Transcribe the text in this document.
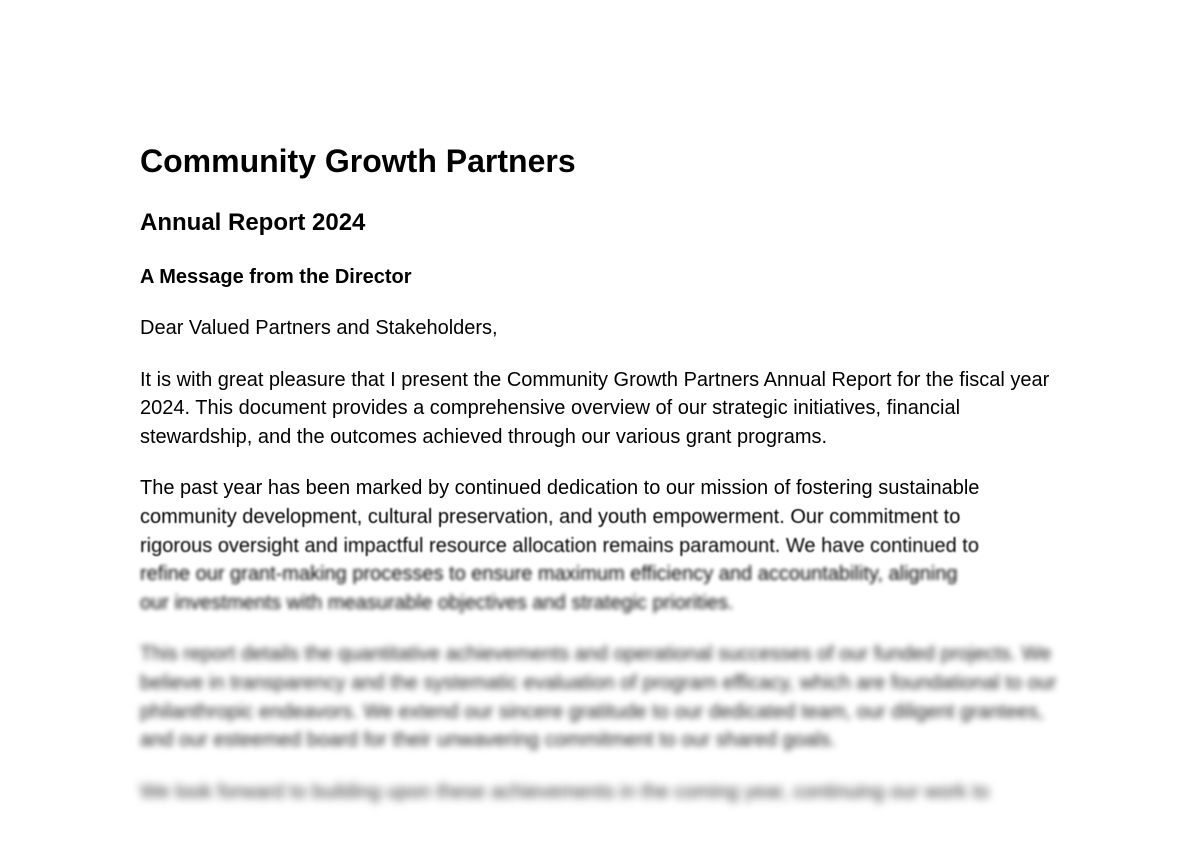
Community Growth Partners
Annual Report 2024
A Message from the Director

Dear Valued Partners and Stakeholders,

It is with great pleasure that I present the Community Growth Partners Annual Report for the fiscal year 2024. This document provides a comprehensive overview of our strategic initiatives, financial stewardship, and the outcomes achieved through our various grant programs.

The past year has been marked by continued dedication to our mission of fostering sustainable
community development, cultural preservation, and youth empowerment. Our commitment to
rigorous oversight and impactful resource allocation remains paramount. We have continued to
refine our grant-making processes to ensure maximum efficiency and accountability, aligning
our investments with measurable objectives and strategic priorities.

This report details the quantitative achievements and operational successes of our funded projects. We believe in transparency and the systematic evaluation of program efficacy, which are foundational to our philanthropic endeavors. We extend our sincere gratitude to our dedicated team, our diligent grantees, and our esteemed board for their unwavering commitment to our shared goals.

We look forward to building upon these achievements in the coming year, continuing our work to
